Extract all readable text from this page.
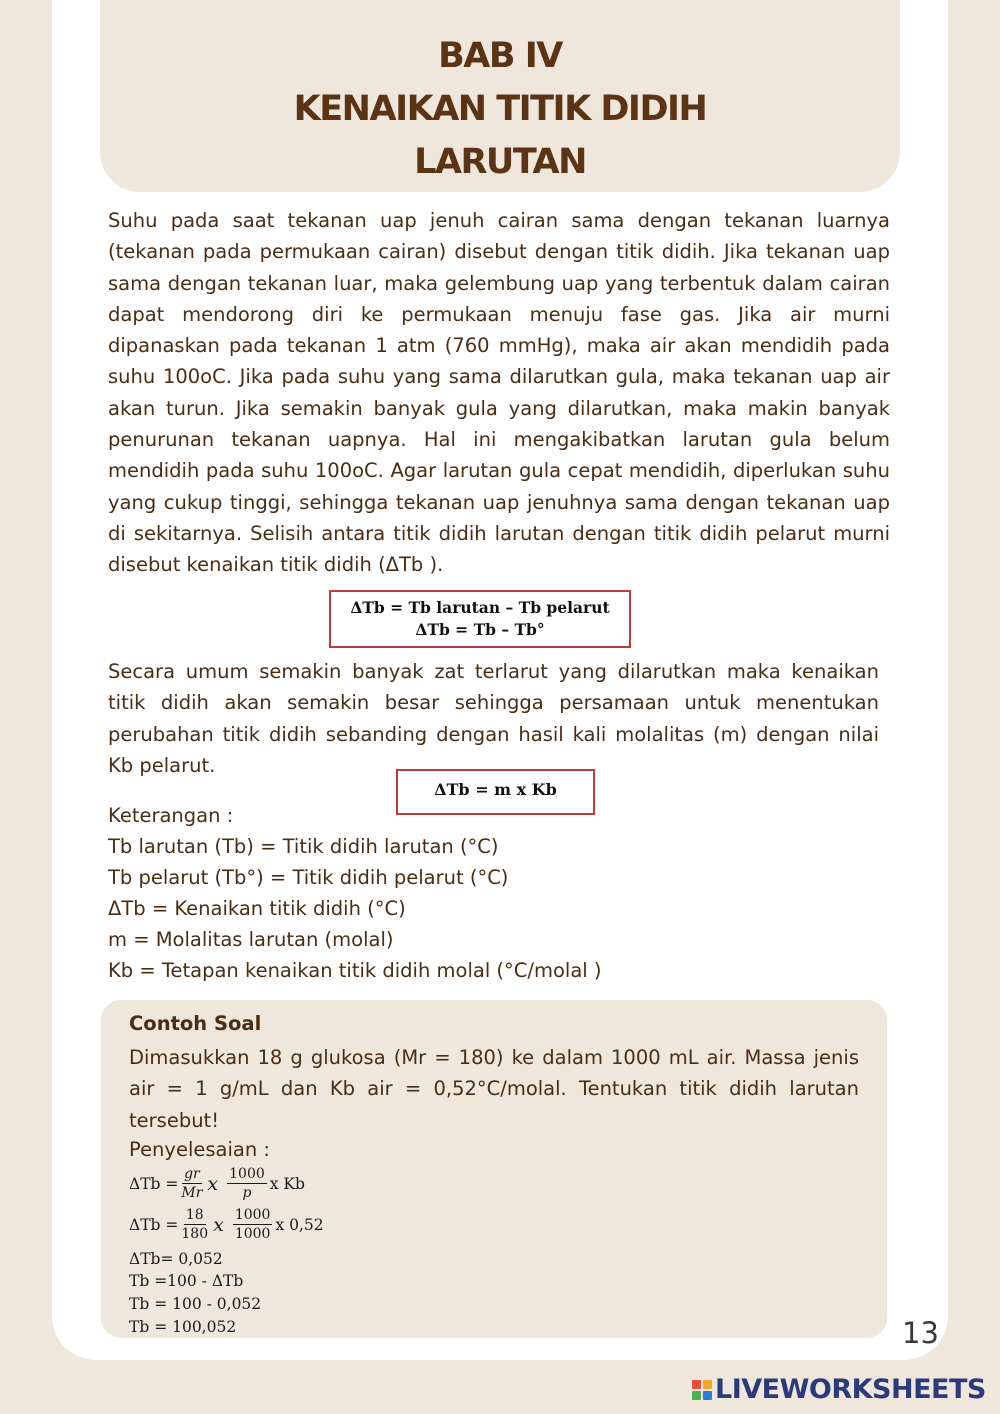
BAB IV
KENAIKAN TITIK DIDIH
LARUTAN

Suhu pada saat tekanan uap jenuh cairan sama dengan tekanan luarnya (tekanan pada permukaan cairan) disebut dengan titik didih. Jika tekanan uap sama dengan tekanan luar, maka gelembung uap yang terbentuk dalam cairan dapat mendorong diri ke permukaan menuju fase gas. Jika air murni dipanaskan pada tekanan 1 atm (760 mmHg), maka air akan mendidih pada suhu 100oC. Jika pada suhu yang sama dilarutkan gula, maka tekanan uap air akan turun. Jika semakin banyak gula yang dilarutkan, maka makin banyak penurunan tekanan uapnya. Hal ini mengakibatkan larutan gula belum mendidih pada suhu 100oC. Agar larutan gula cepat mendidih, diperlukan suhu yang cukup tinggi, sehingga tekanan uap jenuhnya sama dengan tekanan uap di sekitarnya. Selisih antara titik didih larutan dengan titik didih pelarut murni disebut kenaikan titik didih (ΔTb ).

ΔTb = Tb larutan – Tb pelarut
ΔTb = Tb – Tb°

Secara umum semakin banyak zat terlarut yang dilarutkan maka kenaikan titik didih akan semakin besar sehingga persamaan untuk menentukan perubahan titik didih sebanding dengan hasil kali molalitas (m) dengan nilai Kb pelarut.

ΔTb = m x Kb
Keterangan :
Tb larutan (Tb) = Titik didih larutan (°C)
Tb pelarut (Tb°) = Titik didih pelarut (°C)
ΔTb = Kenaikan titik didih (°C)
m = Molalitas larutan (molal)
Kb = Tetapan kenaikan titik didih molal (°C/molal )
Contoh Soal
Dimasukkan 18 g glukosa (Mr = 180) ke dalam 1000 mL air. Massa jenis air = 1 g/mL dan Kb air = 0,52°C/molal. Tentukan titik didih larutan tersebut!
Penyelesaian :
$\Delta Tb = \frac{gr}{Mr}$ x $\frac{1000}{p}$ x Kb
$\Delta Tb = \frac{18}{180}$ x $\frac{1000}{1000}$ x 0,52
ΔTb= 0,052
Tb =100 - ΔTb
Tb = 100 - 0,052
Tb = 100,052	13
LIVEWORKSHEETS
